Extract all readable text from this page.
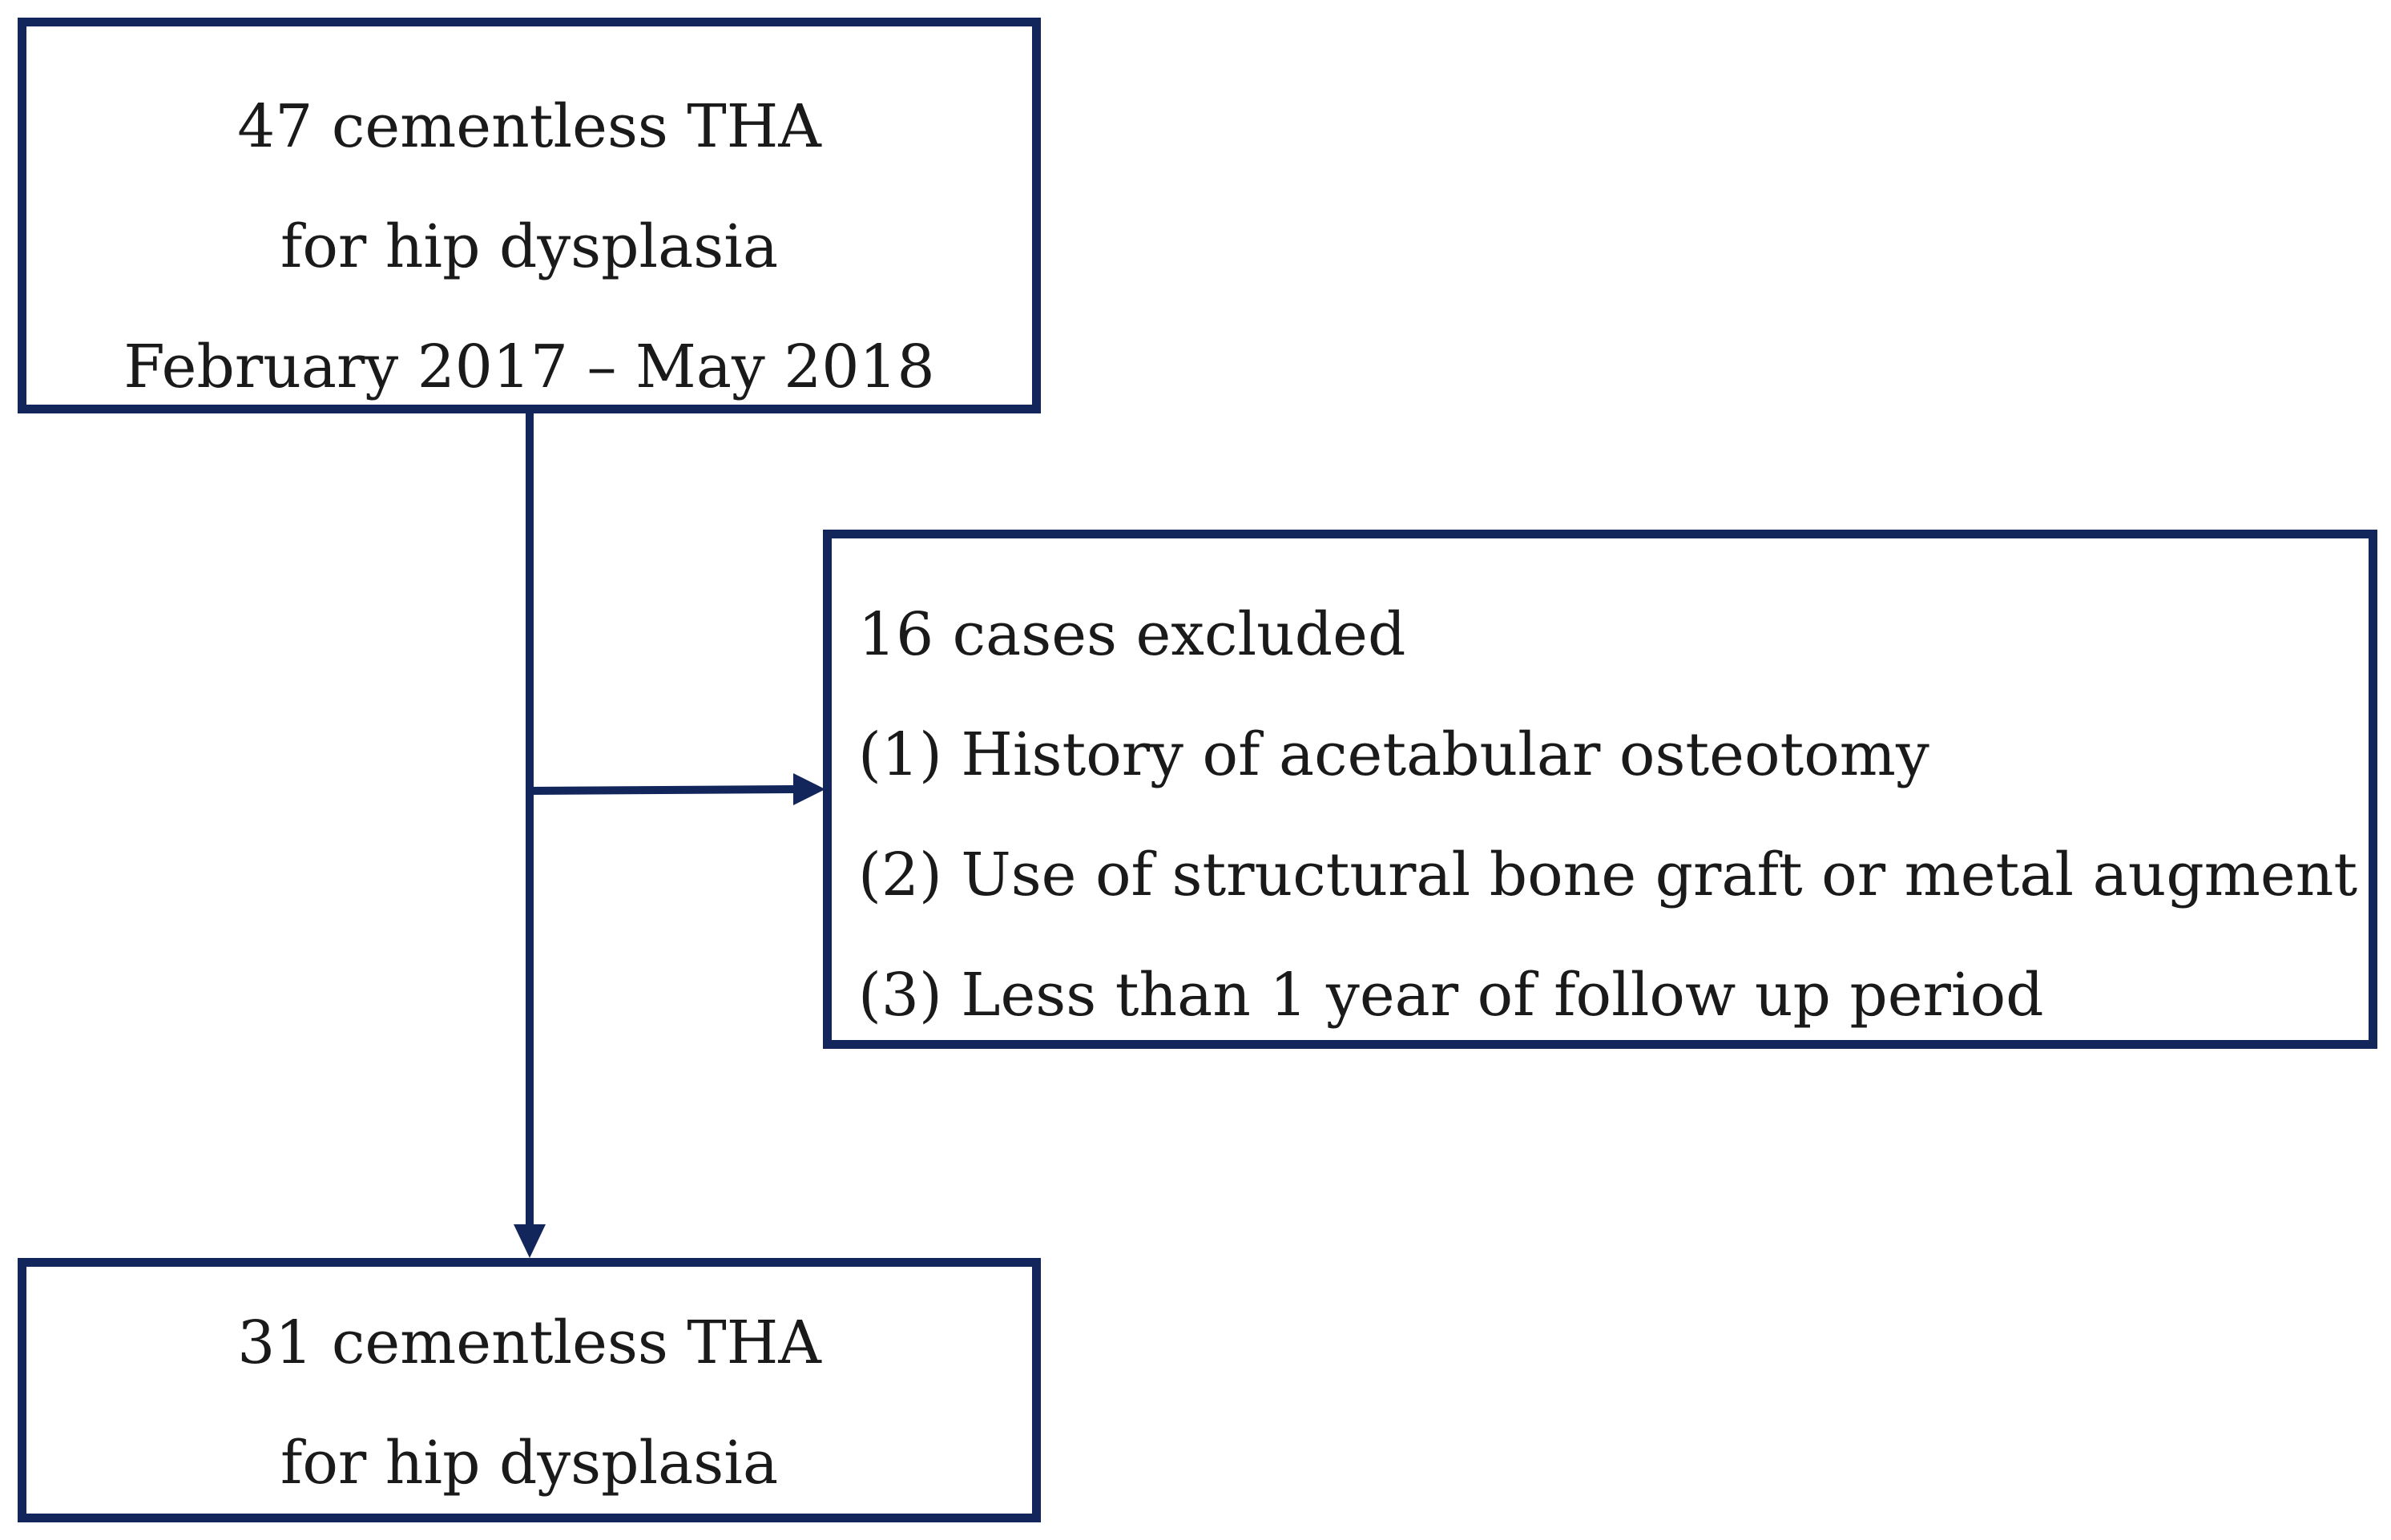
47 cementless THA
for hip dysplasia
February 2017 – May 2018
16 cases excluded
(1) History of acetabular osteotomy
(2) Use of structural bone graft or metal augment
(3) Less than 1 year of follow up period
31 cementless THA
for hip dysplasia
